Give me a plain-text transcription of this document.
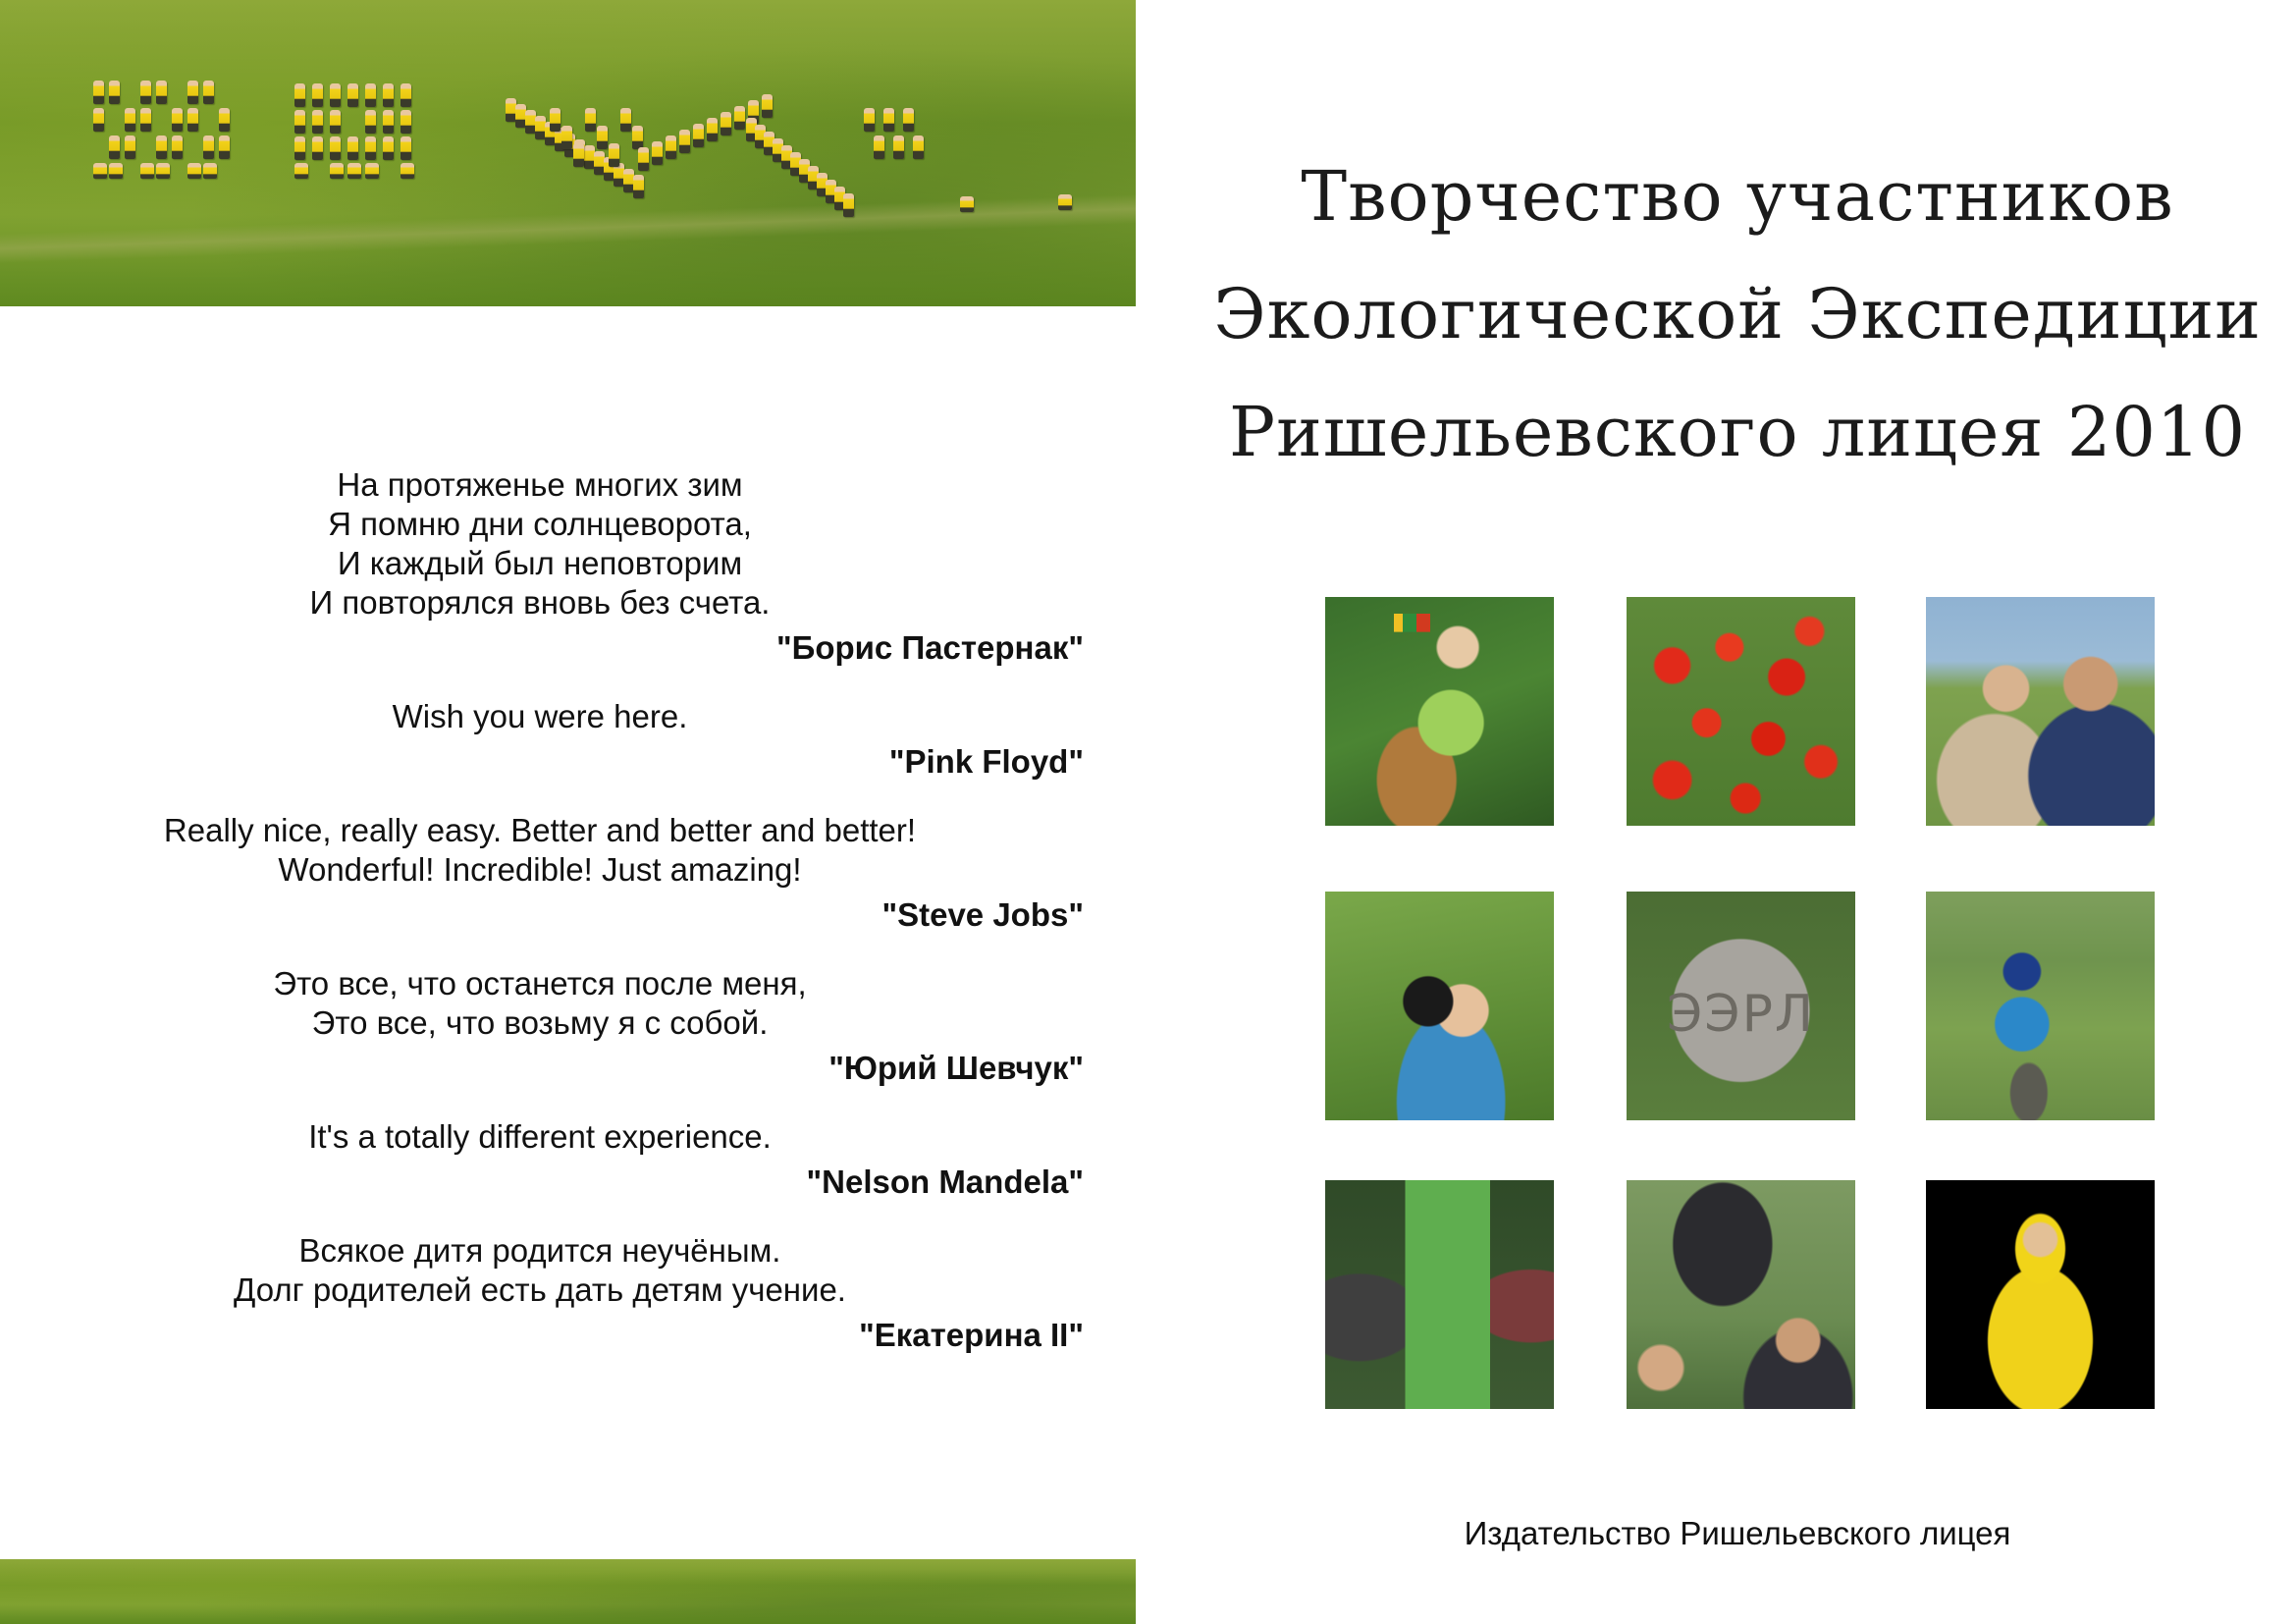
На протяженье многих зим
Я помню дни солнцеворота,
И каждый был неповторим
И повторялся вновь без счета.
"Борис Пастернак"
Wish you were here.
"Pink Floyd"
Really nice, really easy. Better and better and better!
Wonderful! Incredible! Just amazing!
"Steve Jobs"
Это все, что останется после меня,
Это все, что возьму я с собой.
"Юрий Шевчук"
It's a totally different experience.
"Nelson Mandela"
Всякое дитя родится неучёным.
Долг родителей есть дать детям учение.
"Екатерина II"
Творчество участников
Экологической Экспедиции
Ришельевского лицея 2010
ЭЭРЛ
Издательство Ришельевского лицея
